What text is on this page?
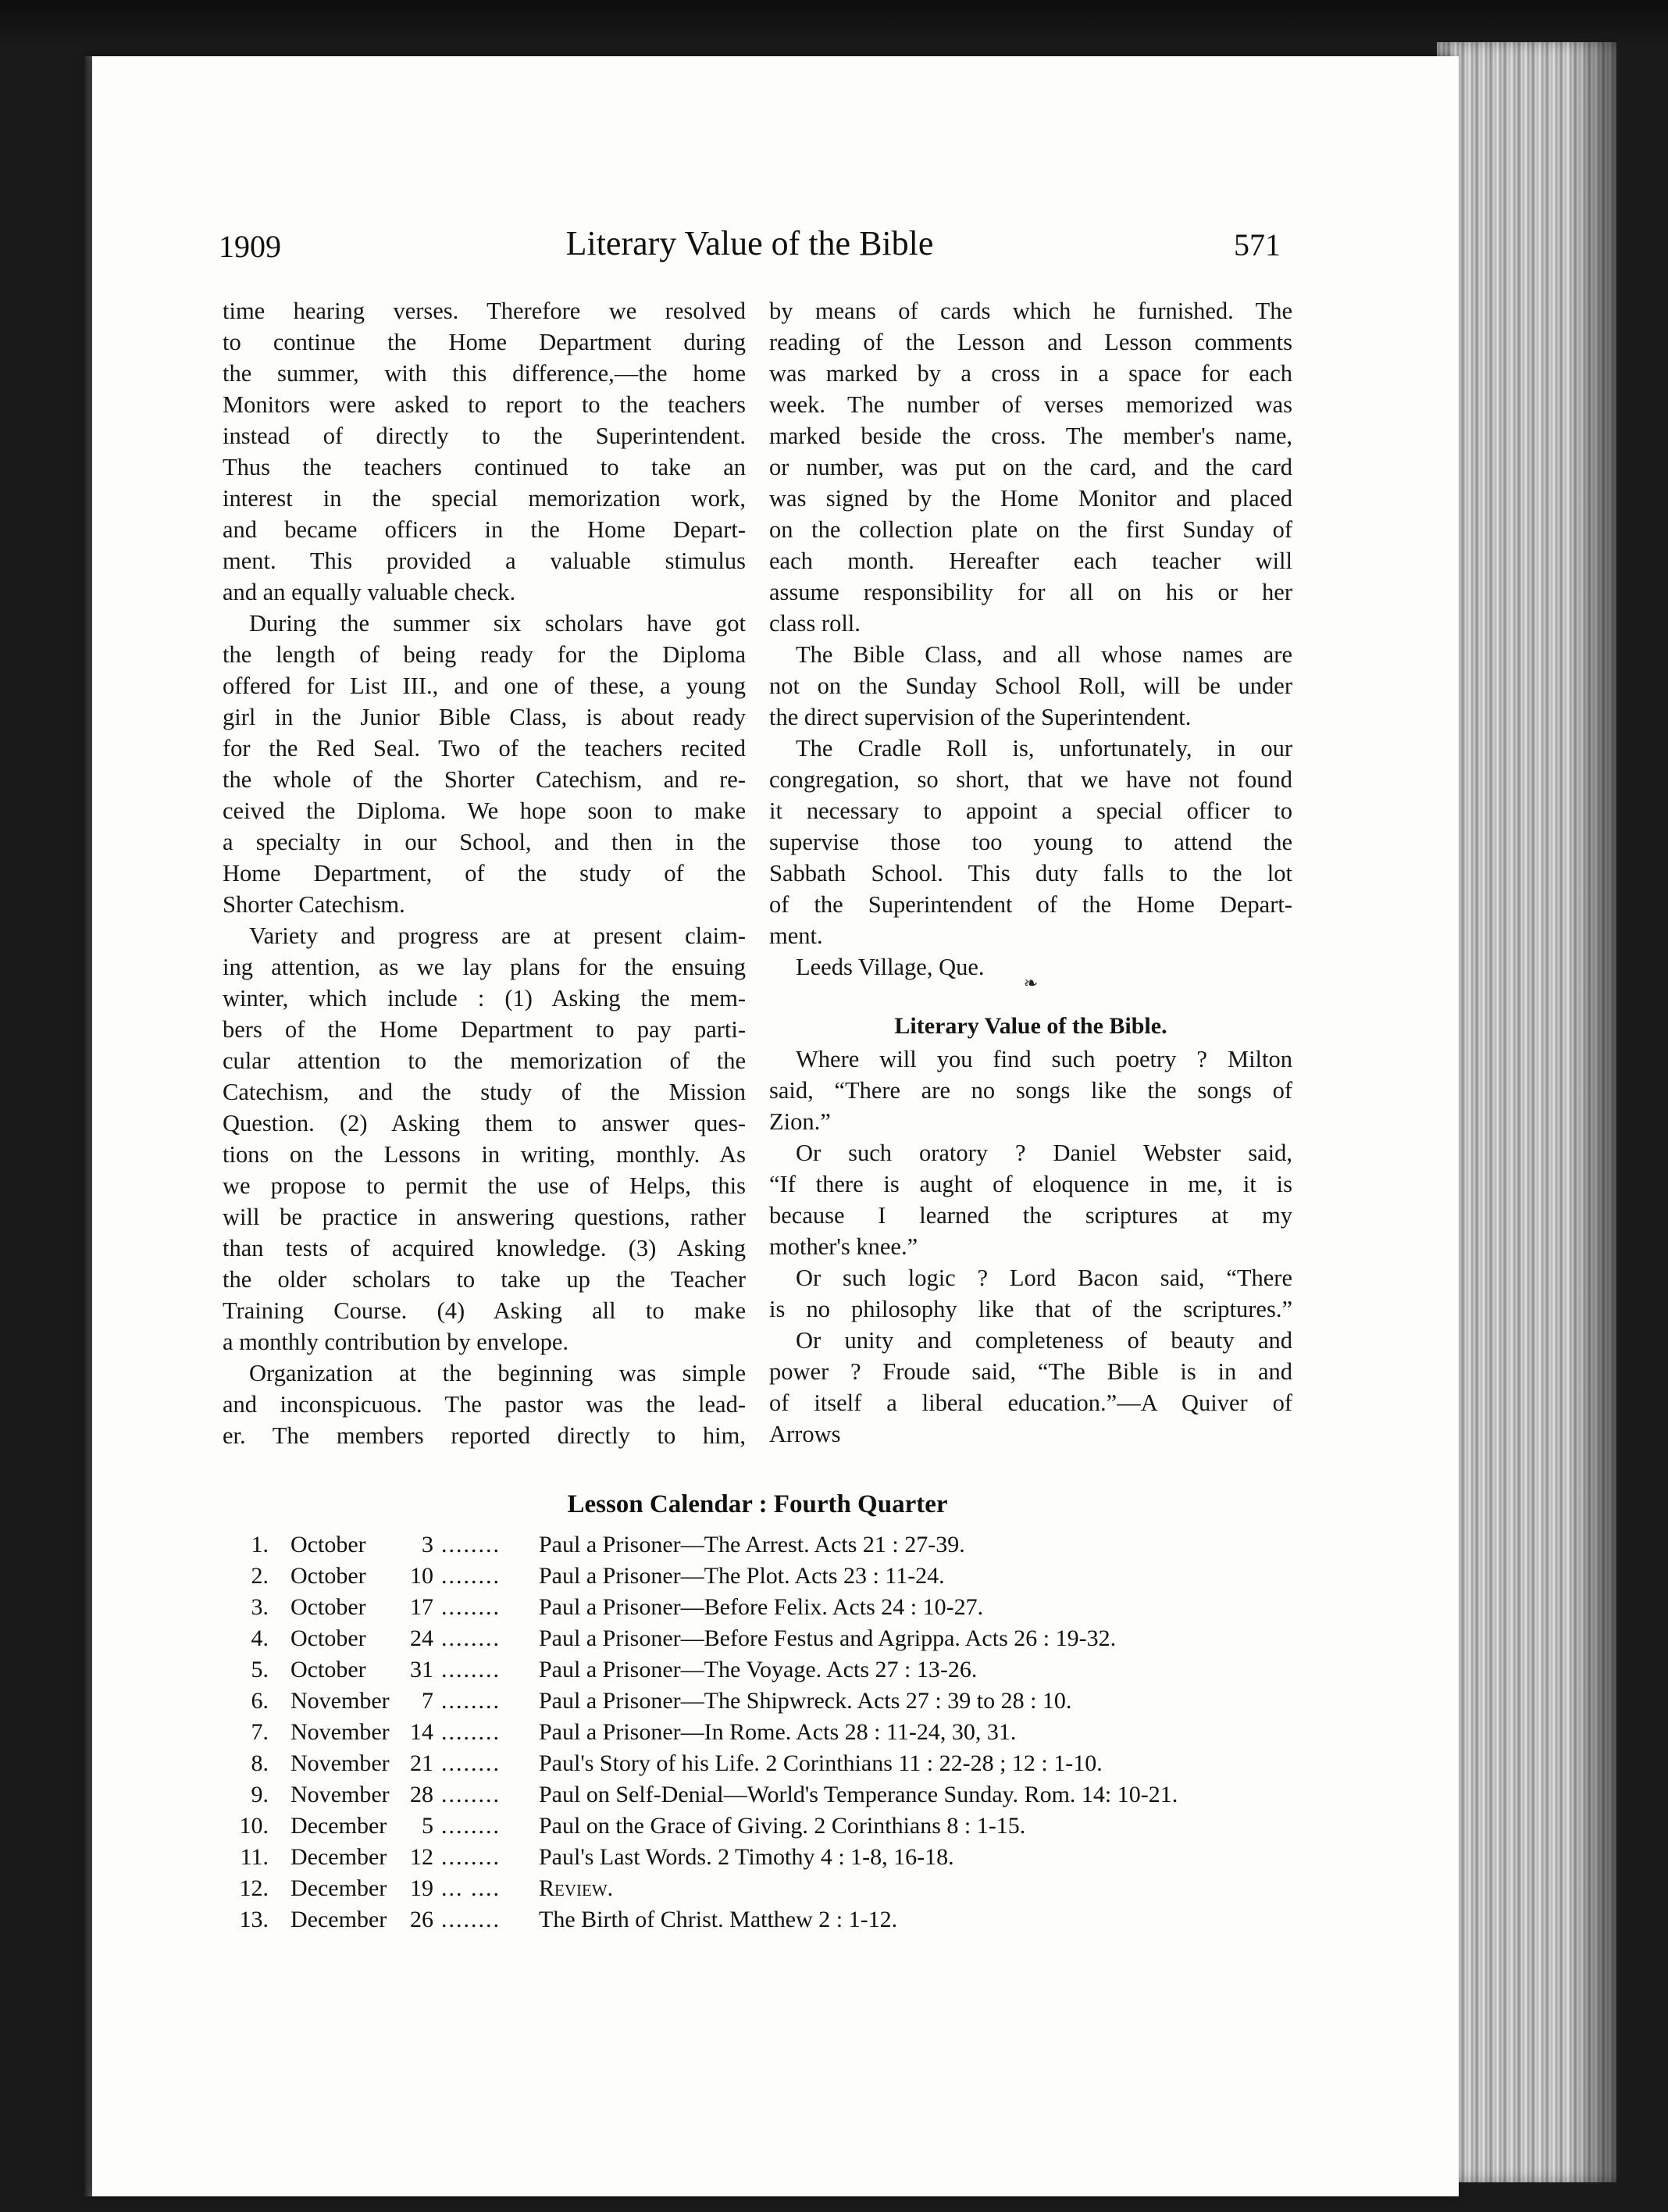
1909	Literary Value of the Bible	571
time hearing verses. Therefore we resolved
to continue the Home Department during
the summer, with this difference,—the home
Monitors were asked to report to the teachers
instead of directly to the Superintendent.
Thus the teachers continued to take an
interest in the special memorization work,
and became officers in the Home Depart-
ment. This provided a valuable stimulus
and an equally valuable check.
During the summer six scholars have got
the length of being ready for the Diploma
offered for List III., and one of these, a young
girl in the Junior Bible Class, is about ready
for the Red Seal. Two of the teachers recited
the whole of the Shorter Catechism, and re-
ceived the Diploma. We hope soon to make
a specialty in our School, and then in the
Home Department, of the study of the
Shorter Catechism.
Variety and progress are at present claim-
ing attention, as we lay plans for the ensuing
winter, which include : (1) Asking the mem-
bers of the Home Department to pay parti-
cular attention to the memorization of the
Catechism, and the study of the Mission
Question. (2) Asking them to answer ques-
tions on the Lessons in writing, monthly. As
we propose to permit the use of Helps, this
will be practice in answering questions, rather
than tests of acquired knowledge. (3) Asking
the older scholars to take up the Teacher
Training Course. (4) Asking all to make
a monthly contribution by envelope.
Organization at the beginning was simple
and inconspicuous. The pastor was the lead-
er. The members reported directly to him,
by means of cards which he furnished. The
reading of the Lesson and Lesson comments
was marked by a cross in a space for each
week. The number of verses memorized was
marked beside the cross. The member's name,
or number, was put on the card, and the card
was signed by the Home Monitor and placed
on the collection plate on the first Sunday of
each month. Hereafter each teacher will
assume responsibility for all on his or her
class roll.
The Bible Class, and all whose names are
not on the Sunday School Roll, will be under
the direct supervision of the Superintendent.
The Cradle Roll is, unfortunately, in our
congregation, so short, that we have not found
it necessary to appoint a special officer to
supervise those too young to attend the
Sabbath School. This duty falls to the lot
of the Superintendent of the Home Depart-
ment.
Leeds Village, Que.
❧
Literary Value of the Bible.
Where will you find such poetry ? Milton
said, “There are no songs like the songs of
Zion.”
Or such oratory ? Daniel Webster said,
“If there is aught of eloquence in me, it is
because I learned the scriptures at my
mother's knee.”
Or such logic ? Lord Bacon said, “There
is no philosophy like that of the scriptures.”
Or unity and completeness of beauty and
power ? Froude said, “The Bible is in and
of itself a liberal education.”—A Quiver of
Arrows
Lesson Calendar : Fourth Quarter
1. October	3 ........ Paul a Prisoner—The Arrest. Acts 21 : 27-39.
2. October	10 ........ Paul a Prisoner—The Plot. Acts 23 : 11-24.
3. October	17 ........ Paul a Prisoner—Before Felix. Acts 24 : 10-27.
4. October	24 ........ Paul a Prisoner—Before Festus and Agrippa. Acts 26 : 19-32.
5. October	31 ........ Paul a Prisoner—The Voyage. Acts 27 : 13-26.
6. November	7 ........ Paul a Prisoner—The Shipwreck. Acts 27 : 39 to 28 : 10.
7. November 14 ........ Paul a Prisoner—In Rome. Acts 28 : 11-24, 30, 31.
8. November 21 ........ Paul's Story of his Life. 2 Corinthians 11 : 22-28 ; 12 : 1-10.
9. November 28 ........ Paul on Self-Denial—World's Temperance Sunday. Rom. 14: 10-21.
10. December	5 ........ Paul on the Grace of Giving. 2 Corinthians 8 : 1-15.
11. December 12 ........ Paul's Last Words. 2 Timothy 4 : 1-8, 16-18.
12. December 19 ... .... Review.
13. December 26 ........ The Birth of Christ. Matthew 2 : 1-12.
